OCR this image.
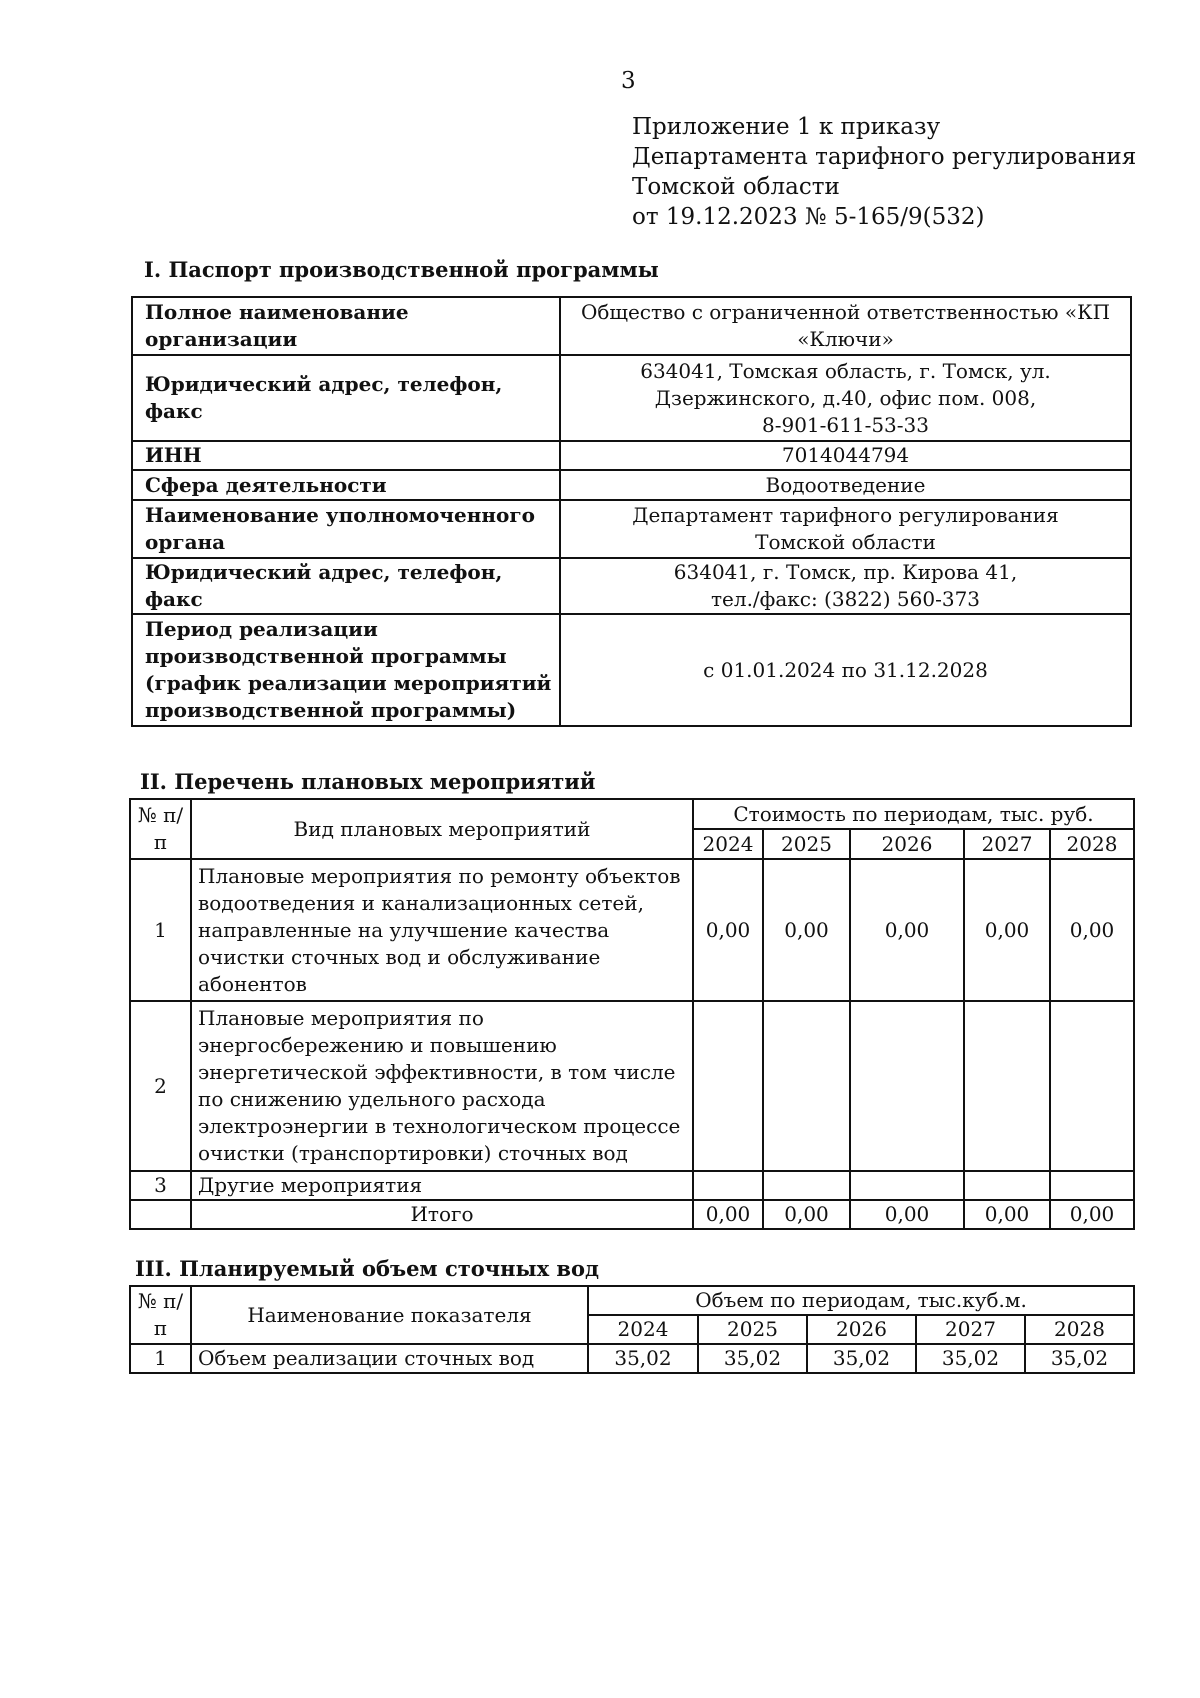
3
Приложение 1 к приказу
Департамента тарифного регулирования
Томской области
от 19.12.2023 № 5-165/9(532)
I. Паспорт производственной программы
Полное наименование организации	Общество с ограниченной ответственностью «КП
«Ключи»

Юридический адрес, телефон, факс	634041, Томская область, г. Томск, ул.
Дзержинского, д.40, офис пом. 008,
8-901-611-53-33

ИНН	7014044794

Сфера деятельности	Водоотведение

Наименование уполномоченного органа	Департамент тарифного регулирования
Томской области

Юридический адрес, телефон, факс	634041, г. Томск, пр. Кирова 41,
тел./факс: (3822) 560-373

Период реализации производственной программы (график реализации мероприятий производственной программы)	с 01.01.2024 по 31.12.2028
II. Перечень плановых мероприятий
№ п/п	Вид плановых мероприятий	Стоимость по периодам, тыс. руб.				
		2024	2025	2026	2027	2028
1	Плановые мероприятия по ремонту объектов водоотведения и канализационных сетей, направленные на улучшение качества очистки сточных вод и обслуживание абонентов	0,00	0,00	0,00	0,00	0,00
2	Плановые мероприятия по энергосбережению и повышению энергетической эффективности, в том числе по снижению удельного расхода электроэнергии в технологическом процессе очистки (транспортировки) сточных вод					
3	Другие мероприятия					
	Итого	0,00	0,00	0,00	0,00	0,00
III. Планируемый объем сточных вод
№ п/п	Наименование показателя	Объем по периодам, тыс.куб.м.				
		2024	2025	2026	2027	2028
1	Объем реализации сточных вод	35,02	35,02	35,02	35,02	35,02
